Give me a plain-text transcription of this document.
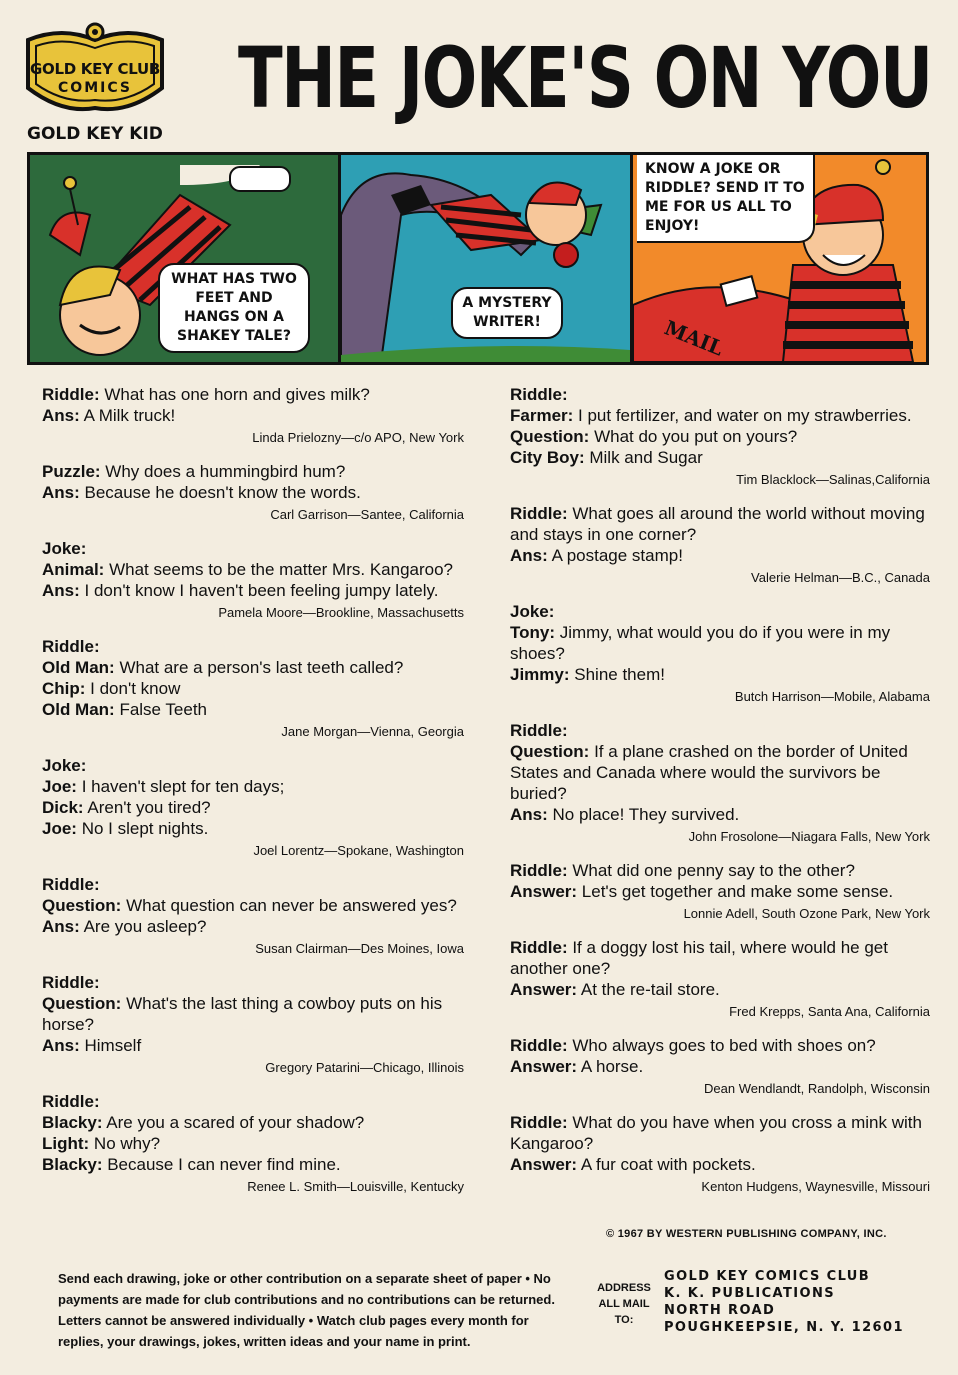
GOLD KEY CLUB
COMICS	THE JOKE'S ON YOU
GOLD KEY KID
WHAT HAS TWO FEET AND HANGS ON A SHAKEY TALE?
A MYSTERY WRITER!	MAIL
KNOW A JOKE OR RIDDLE? SEND IT TO ME FOR US ALL TO ENJOY!
Riddle: What has one horn and gives milk?
Ans: A Milk truck!
Linda Prielozny—c/o APO, New York
Puzzle: Why does a hummingbird hum?
Ans: Because he doesn't know the words.
Carl Garrison—Santee, California
Joke:
Animal: What seems to be the matter Mrs. Kangaroo?
Ans: I don't know I haven't been feeling jumpy lately.
Pamela Moore—Brookline, Massachusetts
Riddle:
Old Man: What are a person's last teeth called?
Chip: I don't know
Old Man: False Teeth
Jane Morgan—Vienna, Georgia
Joke:
Joe: I haven't slept for ten days;
Dick: Aren't you tired?
Joe: No I slept nights.
Joel Lorentz—Spokane, Washington
Riddle:
Question: What question can never be answered yes?
Ans: Are you asleep?
Susan Clairman—Des Moines, Iowa
Riddle:
Question: What's the last thing a cowboy puts on his horse?
Ans: Himself
Gregory Patarini—Chicago, Illinois
Riddle:
Blacky: Are you a scared of your shadow?
Light: No why?
Blacky: Because I can never find mine.
Renee L. Smith—Louisville, Kentucky
Riddle:
Farmer: I put fertilizer, and water on my strawberries.
Question: What do you put on yours?
City Boy: Milk and Sugar
Tim Blacklock—Salinas,California
Riddle: What goes all around the world without moving and stays in one corner?
Ans: A postage stamp!
Valerie Helman—B.C., Canada
Joke:
Tony: Jimmy, what would you do if you were in my shoes?
Jimmy: Shine them!
Butch Harrison—Mobile, Alabama
Riddle:
Question: If a plane crashed on the border of United States and Canada where would the survivors be buried?
Ans: No place! They survived.
John Frosolone—Niagara Falls, New York
Riddle: What did one penny say to the other?
Answer: Let's get together and make some sense.
Lonnie Adell, South Ozone Park, New York
Riddle: If a doggy lost his tail, where would he get another one?
Answer: At the re-tail store.
Fred Krepps, Santa Ana, California
Riddle: Who always goes to bed with shoes on?
Answer: A horse.
Dean Wendlandt, Randolph, Wisconsin
Riddle: What do you have when you cross a mink with Kangaroo?
Answer: A fur coat with pockets.
Kenton Hudgens, Waynesville, Missouri
© 1967 BY WESTERN PUBLISHING COMPANY, INC.
Send each drawing, joke or other contribution on a separate sheet of paper • No payments are made for club contributions and no contributions can be returned. Letters cannot be answered individually • Watch club pages every month for replies, your drawings, jokes, written ideas and your name in print.
ADDRESS ALL MAIL TO:
GOLD KEY COMICS CLUB
K. K. PUBLICATIONS
NORTH ROAD
POUGHKEEPSIE, N. Y. 12601
